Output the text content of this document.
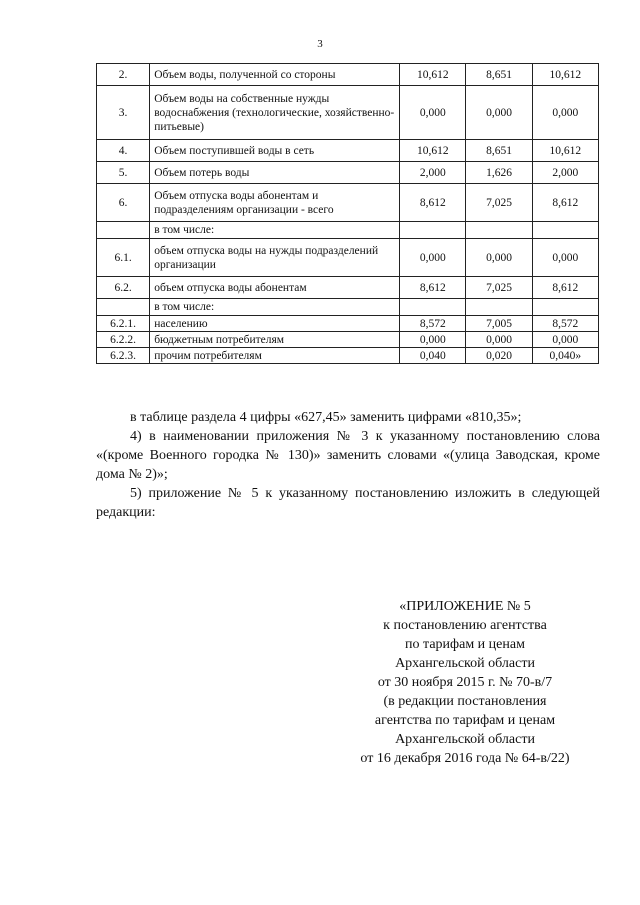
3
2.	Объем воды, полученной со стороны	10,612	8,651	10,612
3.	Объем воды на собственные нужды водоснабжения (технологические, хозяйственно-питьевые)	0,000	0,000	0,000
4.	Объем поступившей воды в сеть	10,612	8,651	10,612
5.	Объем потерь воды	2,000	1,626	2,000
6.	Объем отпуска воды абонентам и подразделениям организации - всего	8,612	7,025	8,612
	в том числе:			
6.1.	объем отпуска воды на нужды подразделений организации	0,000	0,000	0,000
6.2.	объем отпуска воды абонентам	8,612	7,025	8,612
	в том числе:			
6.2.1.	населению	8,572	7,005	8,572
6.2.2.	бюджетным потребителям	0,000	0,000	0,000
6.2.3.	прочим потребителям	0,040	0,020	0,040»

в таблице раздела 4 цифры «627,45» заменить цифрами «810,35»;

4) в наименовании приложения № 3 к указанному постановлению слова «(кроме Военного городка № 130)» заменить словами «(улица Заводская, кроме дома № 2)»;

5) приложение № 5 к указанному постановлению изложить в следующей редакции:

«ПРИЛОЖЕНИЕ № 5
к постановлению агентства
по тарифам и ценам
Архангельской области
от 30 ноября 2015 г. № 70-в/7
(в редакции постановления
агентства по тарифам и ценам
Архангельской области
от 16 декабря 2016 года № 64-в/22)
